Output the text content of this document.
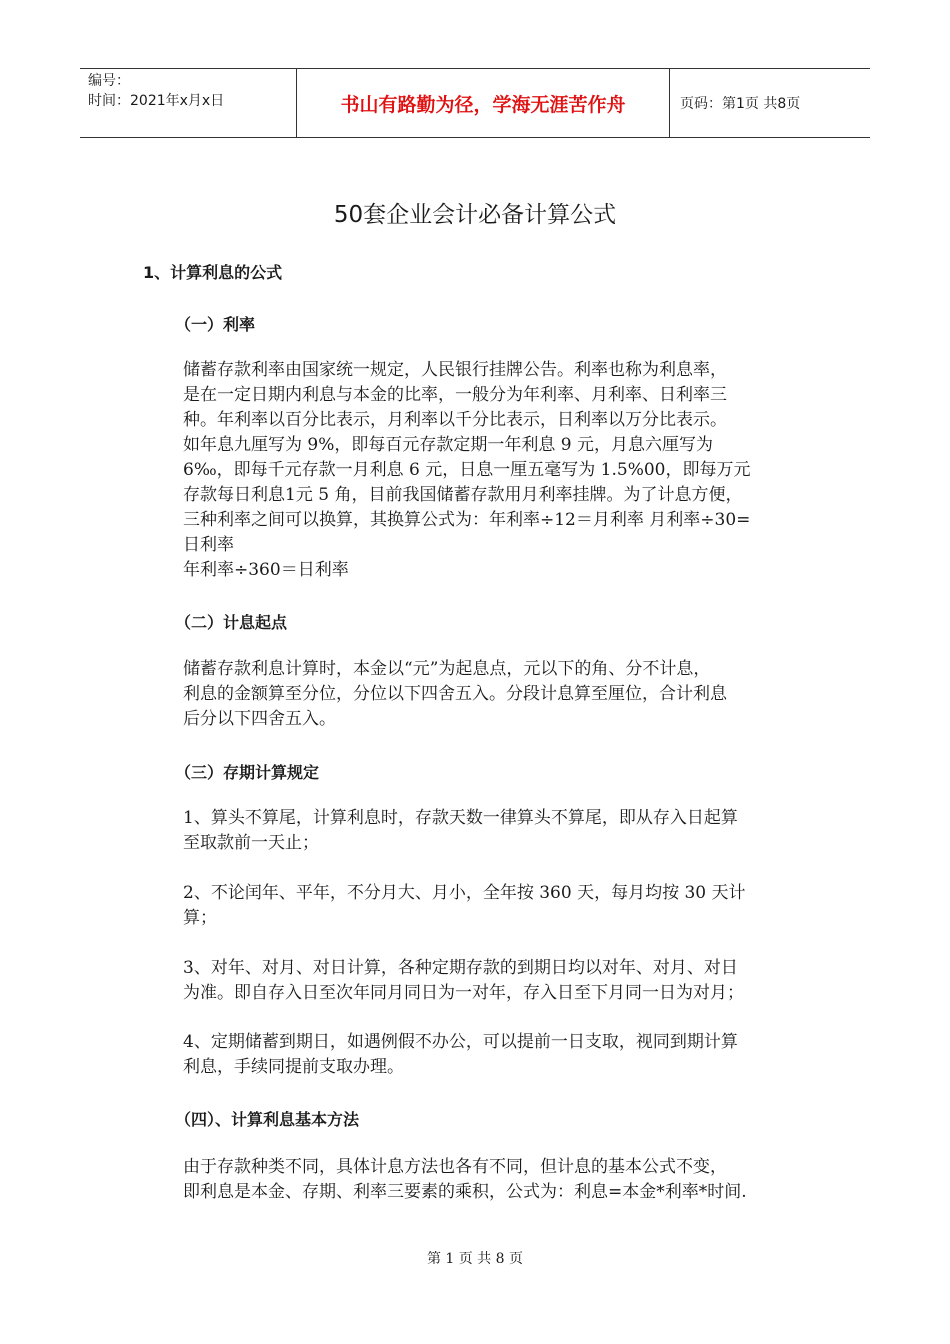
编号：
时间：2021年x月x日	书山有路勤为径，学海无涯苦作舟	页码：第1页 共8页
50套企业会计必备计算公式
1、计算利息的公式
（一）利率
储蓄存款利率由国家统一规定，人民银行挂牌公告。利率也称为利息率，
是在一定日期内利息与本金的比率，一般分为年利率、月利率、日利率三
种。年利率以百分比表示，月利率以千分比表示，日利率以万分比表示。
如年息九厘写为 9%，即每百元存款定期一年利息 9 元，月息六厘写为
6‰，即每千元存款一月利息 6 元，日息一厘五毫写为 1.5%00，即每万元
存款每日利息1元 5 角，目前我国储蓄存款用月利率挂牌。为了计息方便，
三种利率之间可以换算，其换算公式为：年利率÷12＝月利率 月利率÷30=
日利率
年利率÷360＝日利率
（二）计息起点
储蓄存款利息计算时，本金以“元”为起息点，元以下的角、分不计息，
利息的金额算至分位，分位以下四舍五入。分段计息算至厘位，合计利息
后分以下四舍五入。
（三）存期计算规定
1、算头不算尾，计算利息时，存款天数一律算头不算尾，即从存入日起算
至取款前一天止；
2、不论闰年、平年，不分月大、月小，全年按 360 天，每月均按 30 天计
算；
3、对年、对月、对日计算，各种定期存款的到期日均以对年、对月、对日
为准。即自存入日至次年同月同日为一对年，存入日至下月同一日为对月；
4、定期储蓄到期日，如遇例假不办公，可以提前一日支取，视同到期计算
利息，手续同提前支取办理。
（四）、计算利息基本方法
由于存款种类不同，具体计息方法也各有不同，但计息的基本公式不变，
即利息是本金、存期、利率三要素的乘积，公式为：利息=本金*利率*时间.
第 1 页 共 8 页
